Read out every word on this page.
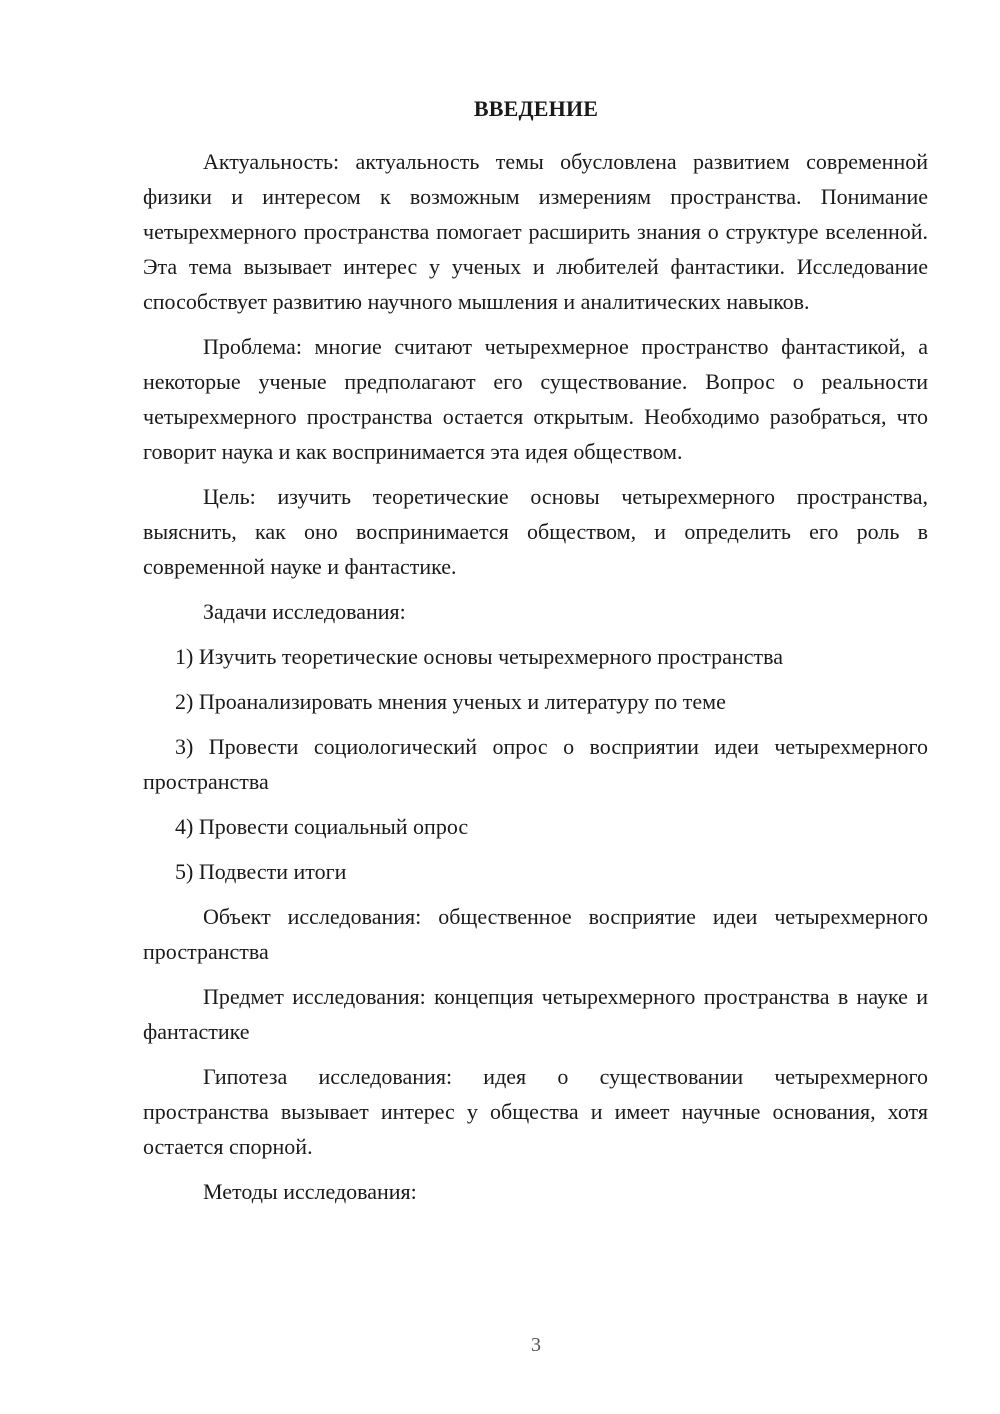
ВВЕДЕНИЕ

Актуальность: актуальность темы обусловлена развитием современной физики и интересом к возможным измерениям пространства. Понимание четырехмерного пространства помогает расширить знания о структуре вселенной. Эта тема вызывает интерес у ученых и любителей фантастики. Исследование способствует развитию научного мышления и аналитических навыков.

Проблема: многие считают четырехмерное пространство фантастикой, а некоторые ученые предполагают его существование. Вопрос о реальности четырехмерного пространства остается открытым. Необходимо разобраться, что говорит наука и как воспринимается эта идея обществом.

Цель: изучить теоретические основы четырехмерного пространства, выяснить, как оно воспринимается обществом, и определить его роль в современной науке и фантастике.

Задачи исследования:

1) Изучить теоретические основы четырехмерного пространства

2) Проанализировать мнения ученых и литературу по теме

3) Провести социологический опрос о восприятии идеи четырехмерного пространства

4) Провести социальный опрос

5) Подвести итоги

Объект исследования: общественное восприятие идеи четырехмерного пространства

Предмет исследования: концепция четырехмерного пространства в науке и фантастике

Гипотеза исследования: идея о существовании четырехмерного пространства вызывает интерес у общества и имеет научные основания, хотя остается спорной.

Методы исследования:

3
